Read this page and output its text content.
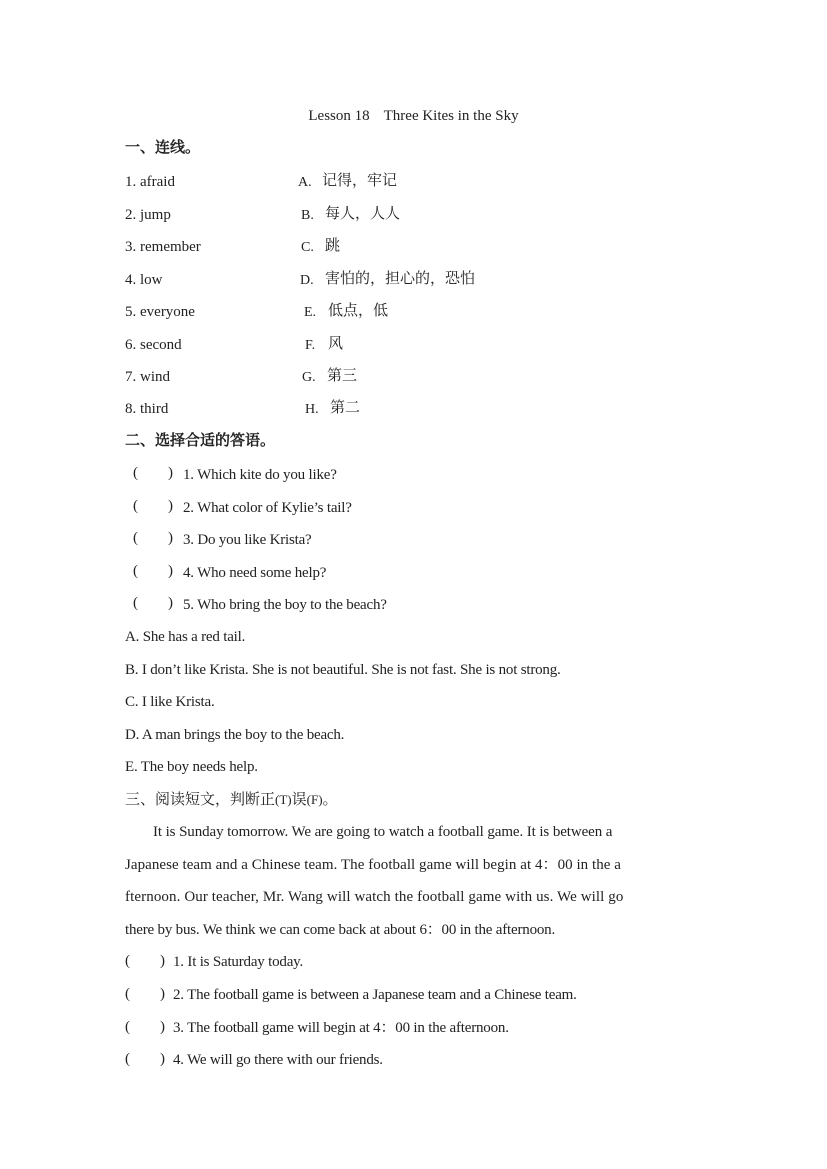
Lesson 18 Three Kites in the Sky
一、连线。
1. afraid
2. jump
3. remember
4. low
5. everyone
6. second
7. wind
8. third
A. 记得，牢记
B. 每人，人人
C. 跳
D. 害怕的，担心的，恐怕
E. 低点，低
F. 风
G. 第三
H. 第二
二、选择合适的答语。
(　　) 1. Which kite do you like?
(　　) 2. What color of Kylie’s tail?
(　　) 3. Do you like Krista?
(　　) 4. Who need some help?
(　　) 5. Who bring the boy to the beach?
A. She has a red tail.
B. I don’t like Krista. She is not beautiful. She is not fast. She is not strong.
C. I like Krista.
D. A man brings the boy to the beach.
E. The boy needs help.
三、阅读短文，判断正(T)误(F)。
It is Sunday tomorrow. We are going to watch a football game. It is between a
Japanese team and a Chinese team. The football game will begin at 4：00 in the a
fternoon. Our teacher, Mr. Wang will watch the football game with us. We will go
there by bus. We think we can come back at about 6：00 in the afternoon.
(　　) 1. It is Saturday today.
(　　) 2. The football game is between a Japanese team and a Chinese team.
(　　) 3. The football game will begin at 4：00 in the afternoon.
(　　) 4. We will go there with our friends.
